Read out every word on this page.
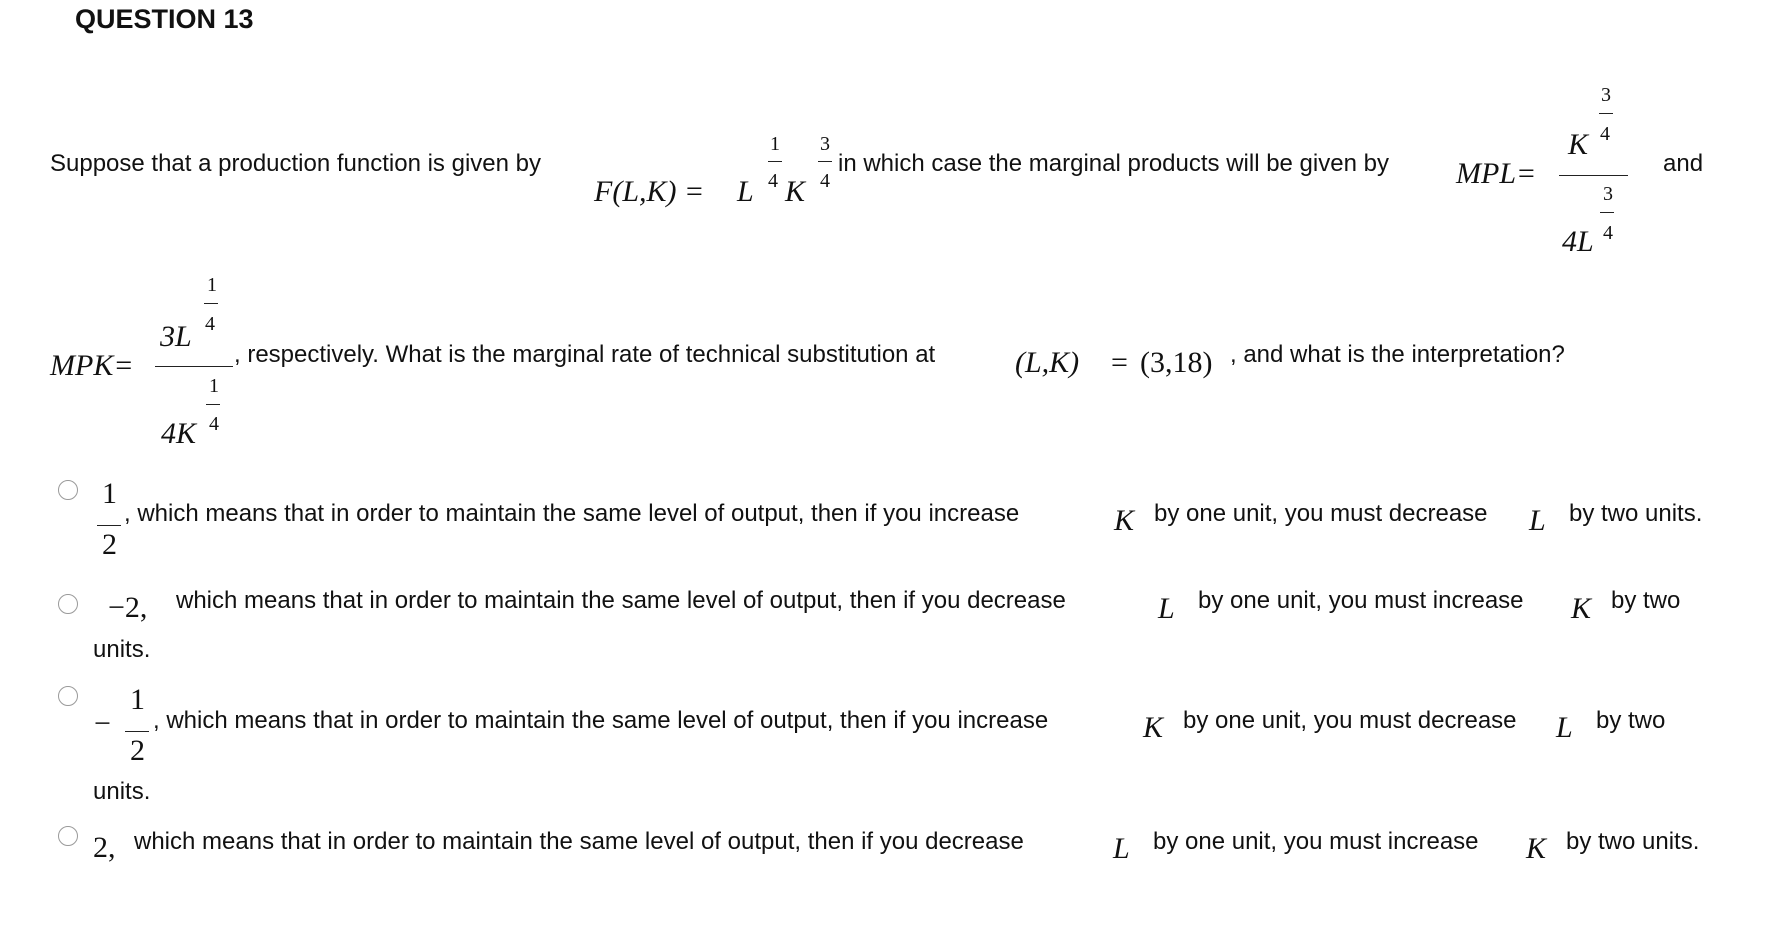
QUESTION 13
Suppose that a production function is given by
F(L,K) = L
1
4 K
3
4
in which case the marginal products will be given by MPL=
3
4
K
3
4
4L
and
MPK=
1
4
3L
1
4
4K
, respectively. What is the marginal rate of technical substitution at	(L,K) = (3,18) , and what is the interpretation?
1
2
, which means that in order to maintain the same level of output, then if you increase	K by one unit, you must decrease L by two units.
−2, which means that in order to maintain the same level of output, then if you decrease	L by one unit, you must increase K by two
units.
−
1
2
, which means that in order to maintain the same level of output, then if you increase	K by one unit, you must decrease L by two
units.
2, which means that in order to maintain the same level of output, then if you decrease	L by one unit, you must increase K by two units.
